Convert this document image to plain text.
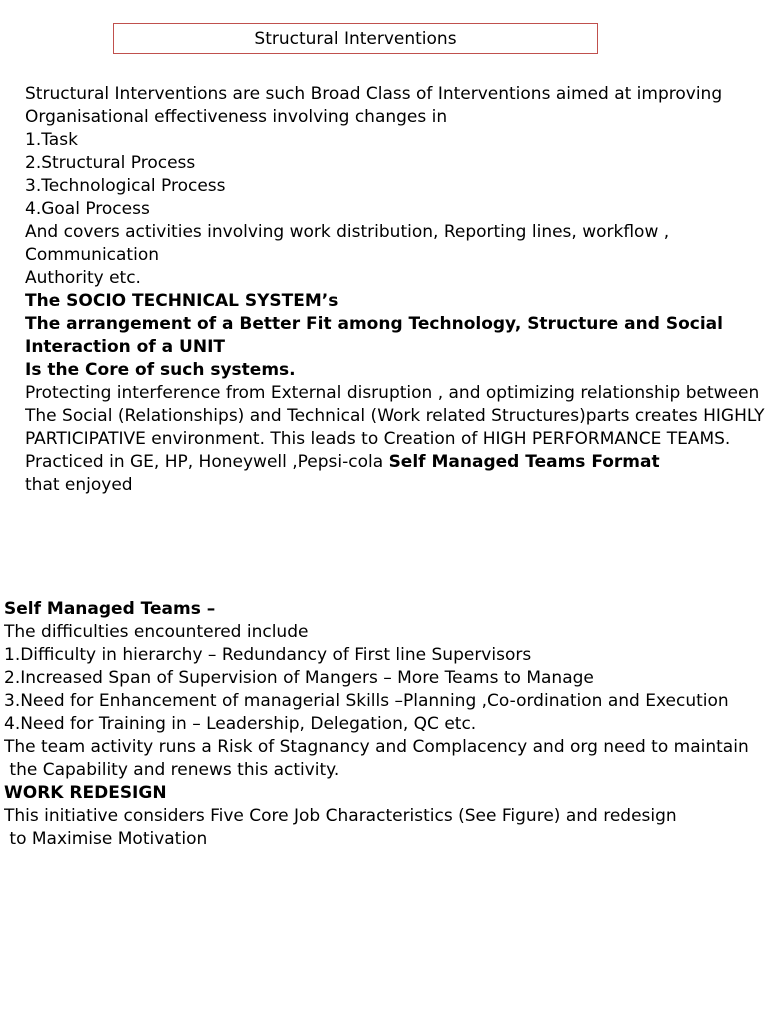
Structural Interventions

Structural Interventions are such Broad Class of Interventions aimed at improving

Organisational effectiveness involving changes in

1.Task

2.Structural Process

3.Technological Process

4.Goal Process

And covers activities involving work distribution, Reporting lines, workflow , Communication

Authority etc.

The SOCIO TECHNICAL SYSTEM’s

The arrangement of a Better Fit among Technology, Structure and Social Interaction of a UNIT

Is the Core of such systems.

Protecting interference from External disruption , and optimizing relationship between

The Social (Relationships) and Technical (Work related Structures)parts creates HIGHLY

PARTICIPATIVE environment. This leads to Creation of HIGH PERFORMANCE TEAMS.

Practiced in GE, HP, Honeywell ,Pepsi-cola Self Managed Teams Format

that enjoyed

Self Managed Teams –

The difficulties encountered include

1.Difficulty in hierarchy – Redundancy of First line Supervisors

2.Increased Span of Supervision of Mangers – More Teams to Manage

3.Need for Enhancement of managerial Skills –Planning ,Co-ordination and Execution

4.Need for Training in – Leadership, Delegation, QC etc.

The team activity runs a Risk of Stagnancy and Complacency and org need to maintain

the Capability and renews this activity.

WORK REDESIGN

This initiative considers Five Core Job Characteristics (See Figure) and redesign

to Maximise Motivation
